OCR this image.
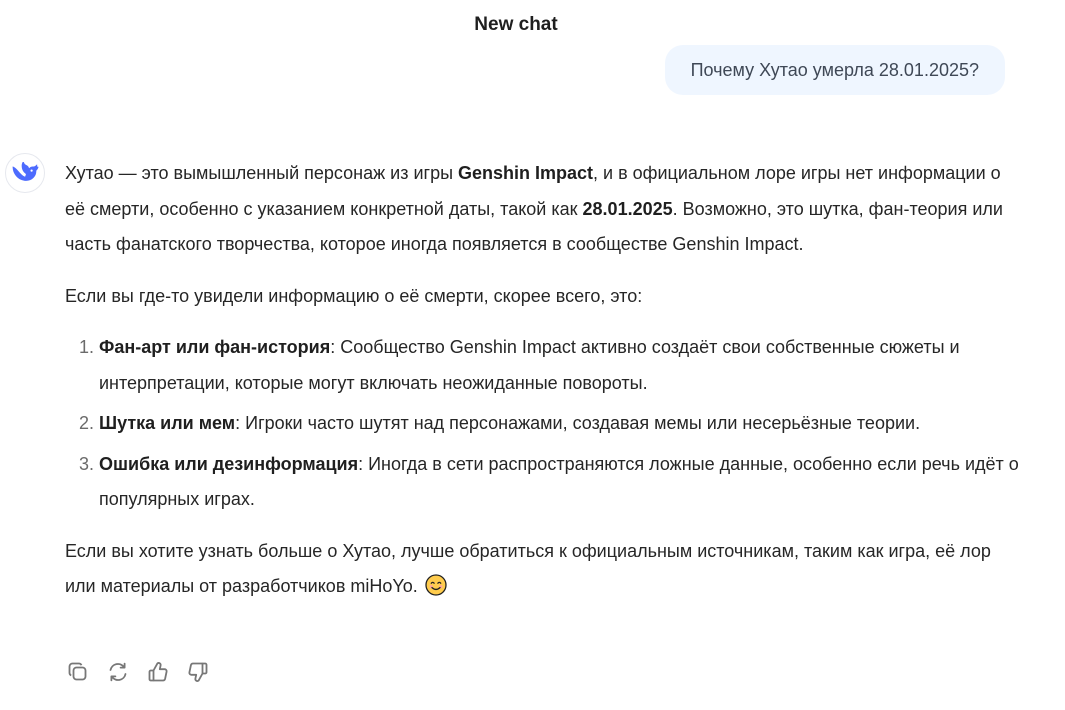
New chat
Почему Хутао умерла 28.01.2025?

Хутао — это вымышленный персонаж из игры Genshin Impact, и в официальном лоре игры нет информации о её смерти, особенно с указанием конкретной даты, такой как 28.01.2025. Возможно, это шутка, фан-теория или часть фанатского творчества, которое иногда появляется в сообществе Genshin Impact.

Если вы где-то увидели информацию о её смерти, скорее всего, это:

1. Фан-арт или фан-история: Сообщество Genshin Impact активно создаёт свои собственные сюжеты и интерпретации, которые могут включать неожиданные повороты.
2. Шутка или мем: Игроки часто шутят над персонажами, создавая мемы или несерьёзные теории.
3. Ошибка или дезинформация: Иногда в сети распространяются ложные данные, особенно если речь идёт о популярных играх.

Если вы хотите узнать больше о Хутао, лучше обратиться к официальным источникам, таким как игра, её лор или материалы от разработчиков miHoYo.
